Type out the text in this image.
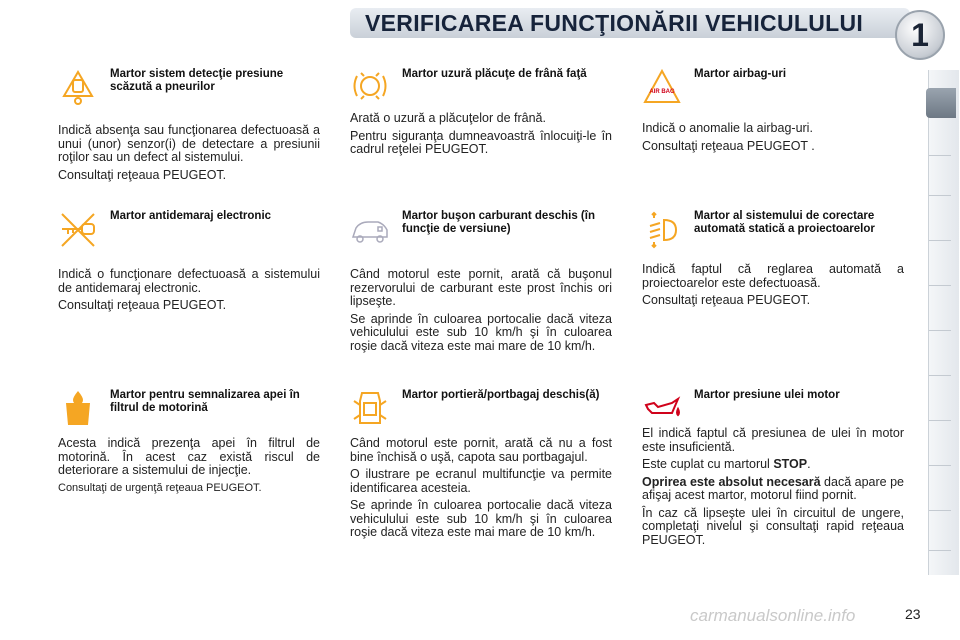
VERIFICAREA FUNCŢIONĂRII VEHICULULUI	1
Martor sistem detecţie presiune scăzută a pneurilor

Indică absenţa sau funcţionarea defectuoasă a unui (unor) senzor(i) de detectare a presiunii roţilor sau un defect al sistemului.

Consultaţi reţeaua PEUGEOT.

Martor uzură plăcuţe de frână faţă

Arată o uzură a plăcuţelor de frână.

Pentru siguranţa dumneavoastră înlocuiţi-le în cadrul reţelei PEUGEOT.

AIR BAG
Martor airbag-uri

Indică o anomalie la airbag-uri.

Consultaţi reţeaua PEUGEOT .

Martor antidemaraj electronic

Indică o funcţionare defectuoasă a sistemului de antidemaraj electronic.

Consultaţi reţeaua PEUGEOT.

Martor buşon carburant deschis (în funcţie de versiune)

Când motorul este pornit, arată că buşonul rezervorului de carburant este prost închis ori lipseşte.

Se aprinde în culoarea portocalie dacă viteza vehiculului este sub 10 km/h şi în culoarea roşie dacă viteza este mai mare de 10 km/h.

Martor al sistemului de corectare automată statică a proiectoarelor

Indică faptul că reglarea automată a proiectoarelor este defectuoasă.

Consultaţi reţeaua PEUGEOT.

Martor pentru semnalizarea apei în filtrul de motorină

Acesta indică prezenţa apei în filtrul de motorină. În acest caz există riscul de deteriorare a sistemului de injecţie.

Consultaţi de urgenţă reţeaua PEUGEOT.

Martor portieră/portbagaj deschis(ă)

Când motorul este pornit, arată că nu a fost bine închisă o uşă, capota sau portbagajul.

O ilustrare pe ecranul multifuncţie va permite identificarea acesteia.

Se aprinde în culoarea portocalie dacă viteza vehiculului este sub 10 km/h şi în culoarea roşie dacă viteza este mai mare de 10 km/h.

Martor presiune ulei motor

El indică faptul că presiunea de ulei în motor este insuficientă.

Este cuplat cu martorul STOP.

Oprirea este absolut necesară dacă apare pe afişaj acest martor, motorul fiind pornit.

În caz că lipseşte ulei în circuitul de ungere, completaţi nivelul şi consultaţi rapid reţeaua PEUGEOT.

23
carmanualsonline.info
